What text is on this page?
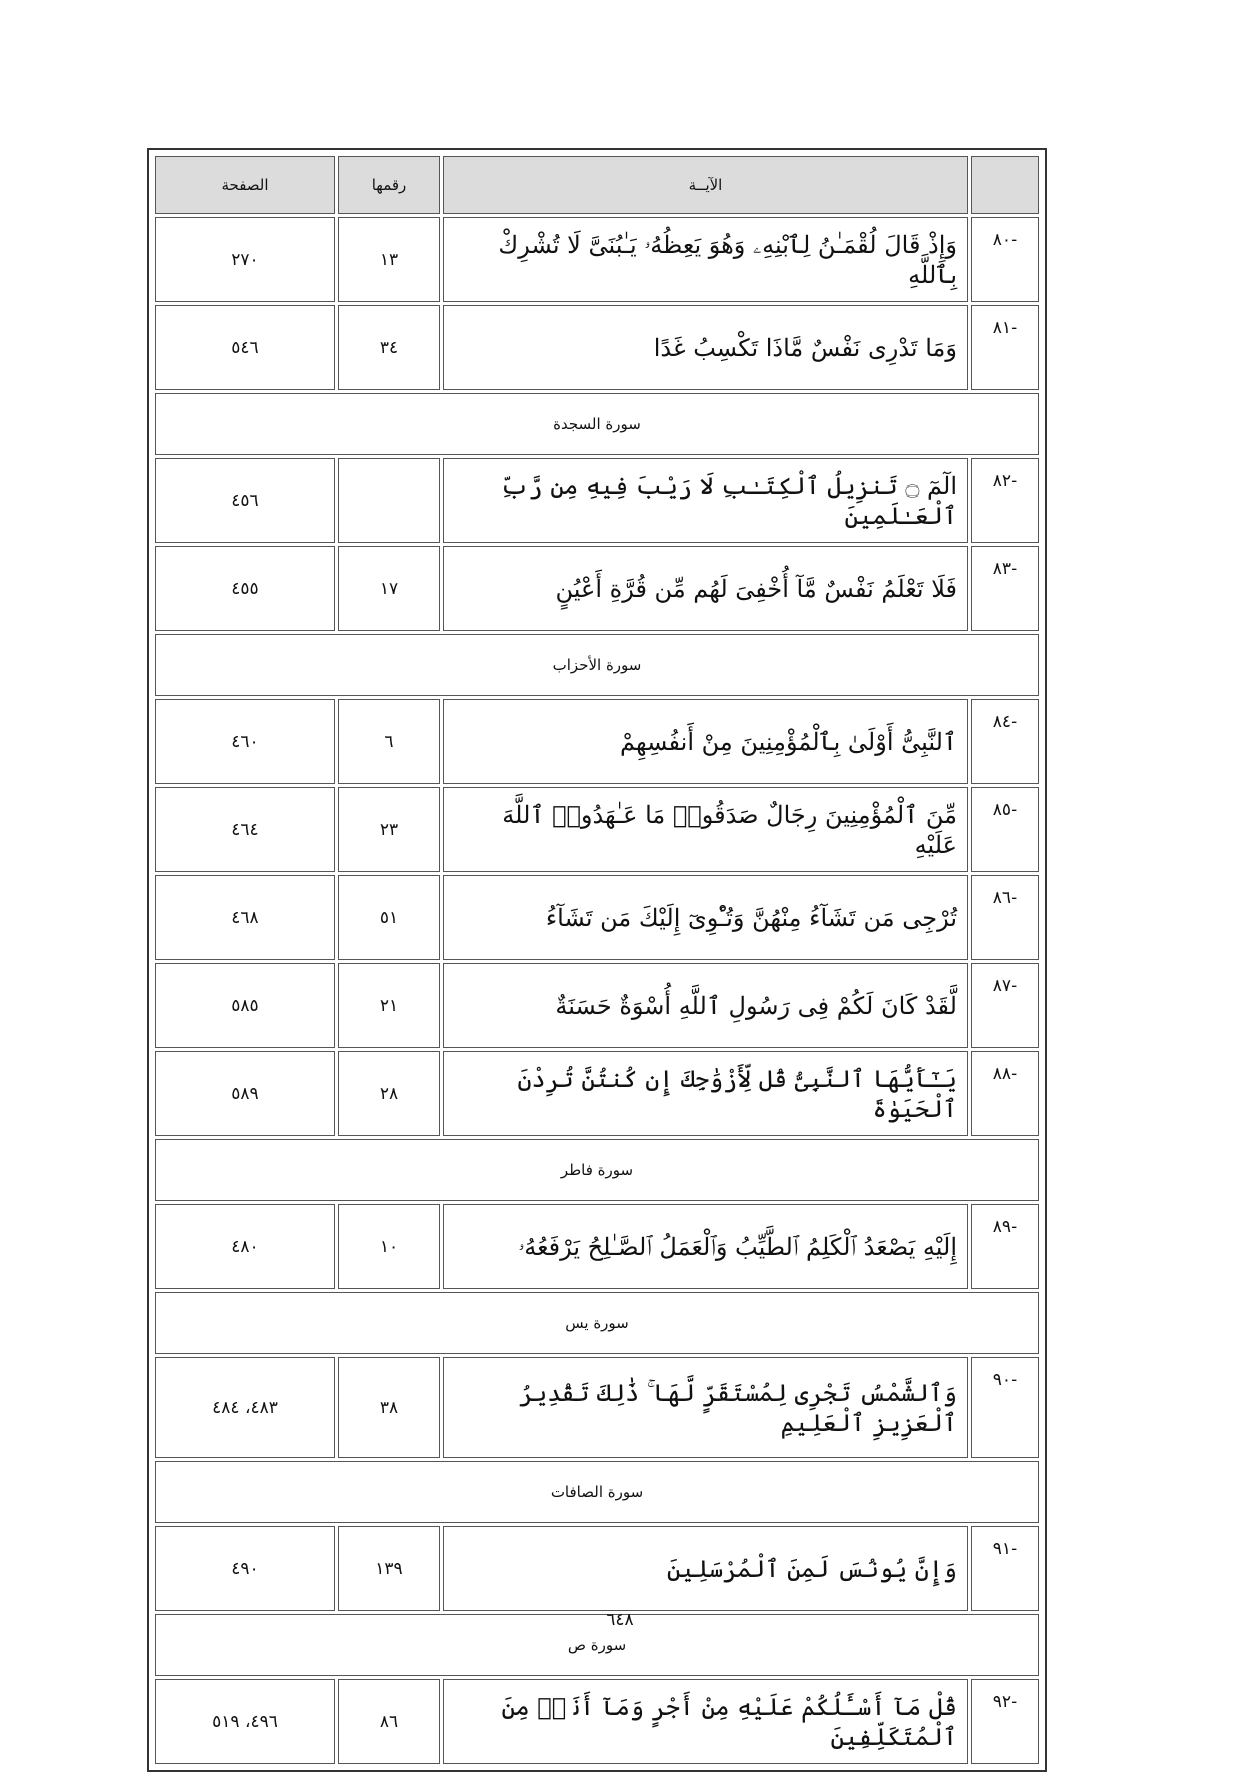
	الآيــة	رقمها	الصفحة
-٨٠	وَإِذْ قَالَ لُقْمَـٰنُ لِٱبْنِهِۦ وَهُوَ يَعِظُهُۥ يَـٰبُنَىَّ لَا تُشْرِكْ بِٱللَّهِ	١٣	٢٧٠
-٨١	وَمَا تَدْرِى نَفْسٌ مَّاذَا تَكْسِبُ غَدًا	٣٤	٥٤٦
سورة السجدة			
-٨٢	الٓمٓ ۝ تَنزِيلُ ٱلْكِتَـٰبِ لَا رَيْبَ فِيهِ مِن رَّبِّ ٱلْعَـٰلَمِينَ		٤٥٦
-٨٣	فَلَا تَعْلَمُ نَفْسٌ مَّآ أُخْفِىَ لَهُم مِّن قُرَّةِ أَعْيُنٍ	١٧	٤٥٥
سورة الأحزاب			
-٨٤	ٱلنَّبِىُّ أَوْلَىٰ بِٱلْمُؤْمِنِينَ مِنْ أَنفُسِهِمْ	٦	٤٦٠
-٨٥	مِّنَ ٱلْمُؤْمِنِينَ رِجَالٌ صَدَقُوا۟ مَا عَـٰهَدُوا۟ ٱللَّهَ عَلَيْهِ	٢٣	٤٦٤
-٨٦	تُرْجِى مَن تَشَآءُ مِنْهُنَّ وَتُـْٔوِىٓ إِلَيْكَ مَن تَشَآءُ	٥١	٤٦٨
-٨٧	لَّقَدْ كَانَ لَكُمْ فِى رَسُولِ ٱللَّهِ أُسْوَةٌ حَسَنَةٌ	٢١	٥٨٥
-٨٨	يَـٰٓأَيُّهَا ٱلنَّبِىُّ قُل لِّأَزْوَٰجِكَ إِن كُنتُنَّ تُرِدْنَ ٱلْحَيَوٰةَ	٢٨	٥٨٩
سورة فاطر			
-٨٩	إِلَيْهِ يَصْعَدُ ٱلْكَلِمُ ٱلطَّيِّبُ وَٱلْعَمَلُ ٱلصَّـٰلِحُ يَرْفَعُهُۥ	١٠	٤٨٠
سورة يس			
-٩٠	وَٱلشَّمْسُ تَجْرِى لِمُسْتَقَرٍّ لَّهَا ۚ ذَٰلِكَ تَقْدِيرُ ٱلْعَزِيزِ ٱلْعَلِيمِ	٣٨	٤٨٣، ٤٨٤
سورة الصافات			
-٩١	وَإِنَّ يُونُسَ لَمِنَ ٱلْمُرْسَلِينَ	١٣٩	٤٩٠
سورة ص			
-٩٢	قُلْ مَآ أَسْـَٔلُكُمْ عَلَيْهِ مِنْ أَجْرٍ وَمَآ أَنَا۠ مِنَ ٱلْمُتَكَلِّفِينَ	٨٦	٤٩٦، ٥١٩
٦٤٨
